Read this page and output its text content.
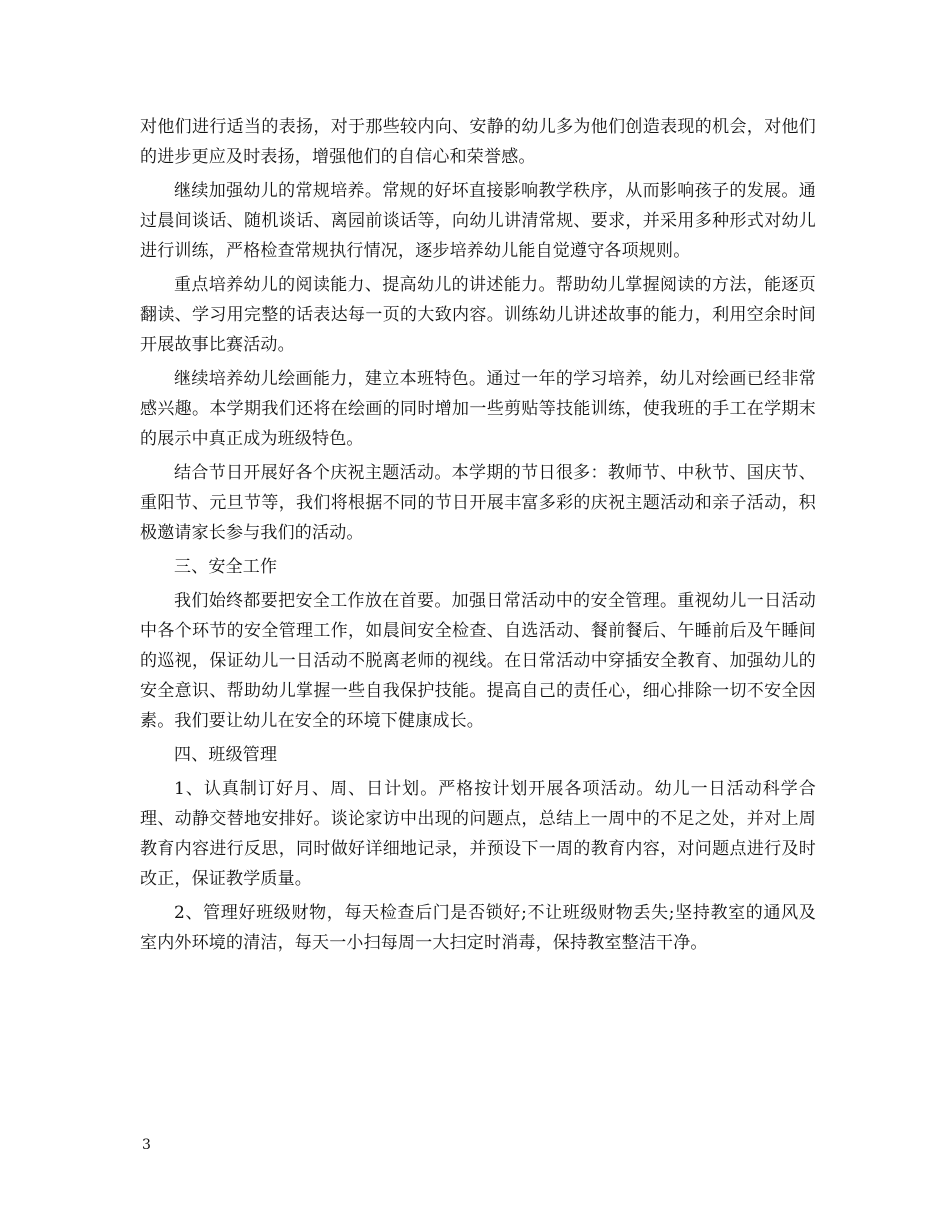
对他们进行适当的表扬，对于那些较内向、安静的幼儿多为他们创造表现的机会，对他们的进步更应及时表扬，增强他们的自信心和荣誉感。

继续加强幼儿的常规培养。常规的好坏直接影响教学秩序，从而影响孩子的发展。通过晨间谈话、随机谈话、离园前谈话等，向幼儿讲清常规、要求，并采用多种形式对幼儿进行训练，严格检查常规执行情况，逐步培养幼儿能自觉遵守各项规则。

重点培养幼儿的阅读能力、提高幼儿的讲述能力。帮助幼儿掌握阅读的方法，能逐页翻读、学习用完整的话表达每一页的大致内容。训练幼儿讲述故事的能力，利用空余时间开展故事比赛活动。

继续培养幼儿绘画能力，建立本班特色。通过一年的学习培养，幼儿对绘画已经非常感兴趣。本学期我们还将在绘画的同时增加一些剪贴等技能训练，使我班的手工在学期末的展示中真正成为班级特色。

结合节日开展好各个庆祝主题活动。本学期的节日很多：教师节、中秋节、国庆节、重阳节、元旦节等，我们将根据不同的节日开展丰富多彩的庆祝主题活动和亲子活动，积极邀请家长参与我们的活动。

三、安全工作

我们始终都要把安全工作放在首要。加强日常活动中的安全管理。重视幼儿一日活动中各个环节的安全管理工作，如晨间安全检查、自选活动、餐前餐后、午睡前后及午睡间的巡视，保证幼儿一日活动不脱离老师的视线。在日常活动中穿插安全教育、加强幼儿的安全意识、帮助幼儿掌握一些自我保护技能。提高自己的责任心，细心排除一切不安全因素。我们要让幼儿在安全的环境下健康成长。

四、班级管理

1、认真制订好月、周、日计划。严格按计划开展各项活动。幼儿一日活动科学合理、动静交替地安排好。谈论家访中出现的问题点，总结上一周中的不足之处，并对上周教育内容进行反思，同时做好详细地记录，并预设下一周的教育内容，对问题点进行及时改正，保证教学质量。

2、管理好班级财物，每天检查后门是否锁好;不让班级财物丢失;坚持教室的通风及室内外环境的清洁，每天一小扫每周一大扫定时消毒，保持教室整洁干净。

3
